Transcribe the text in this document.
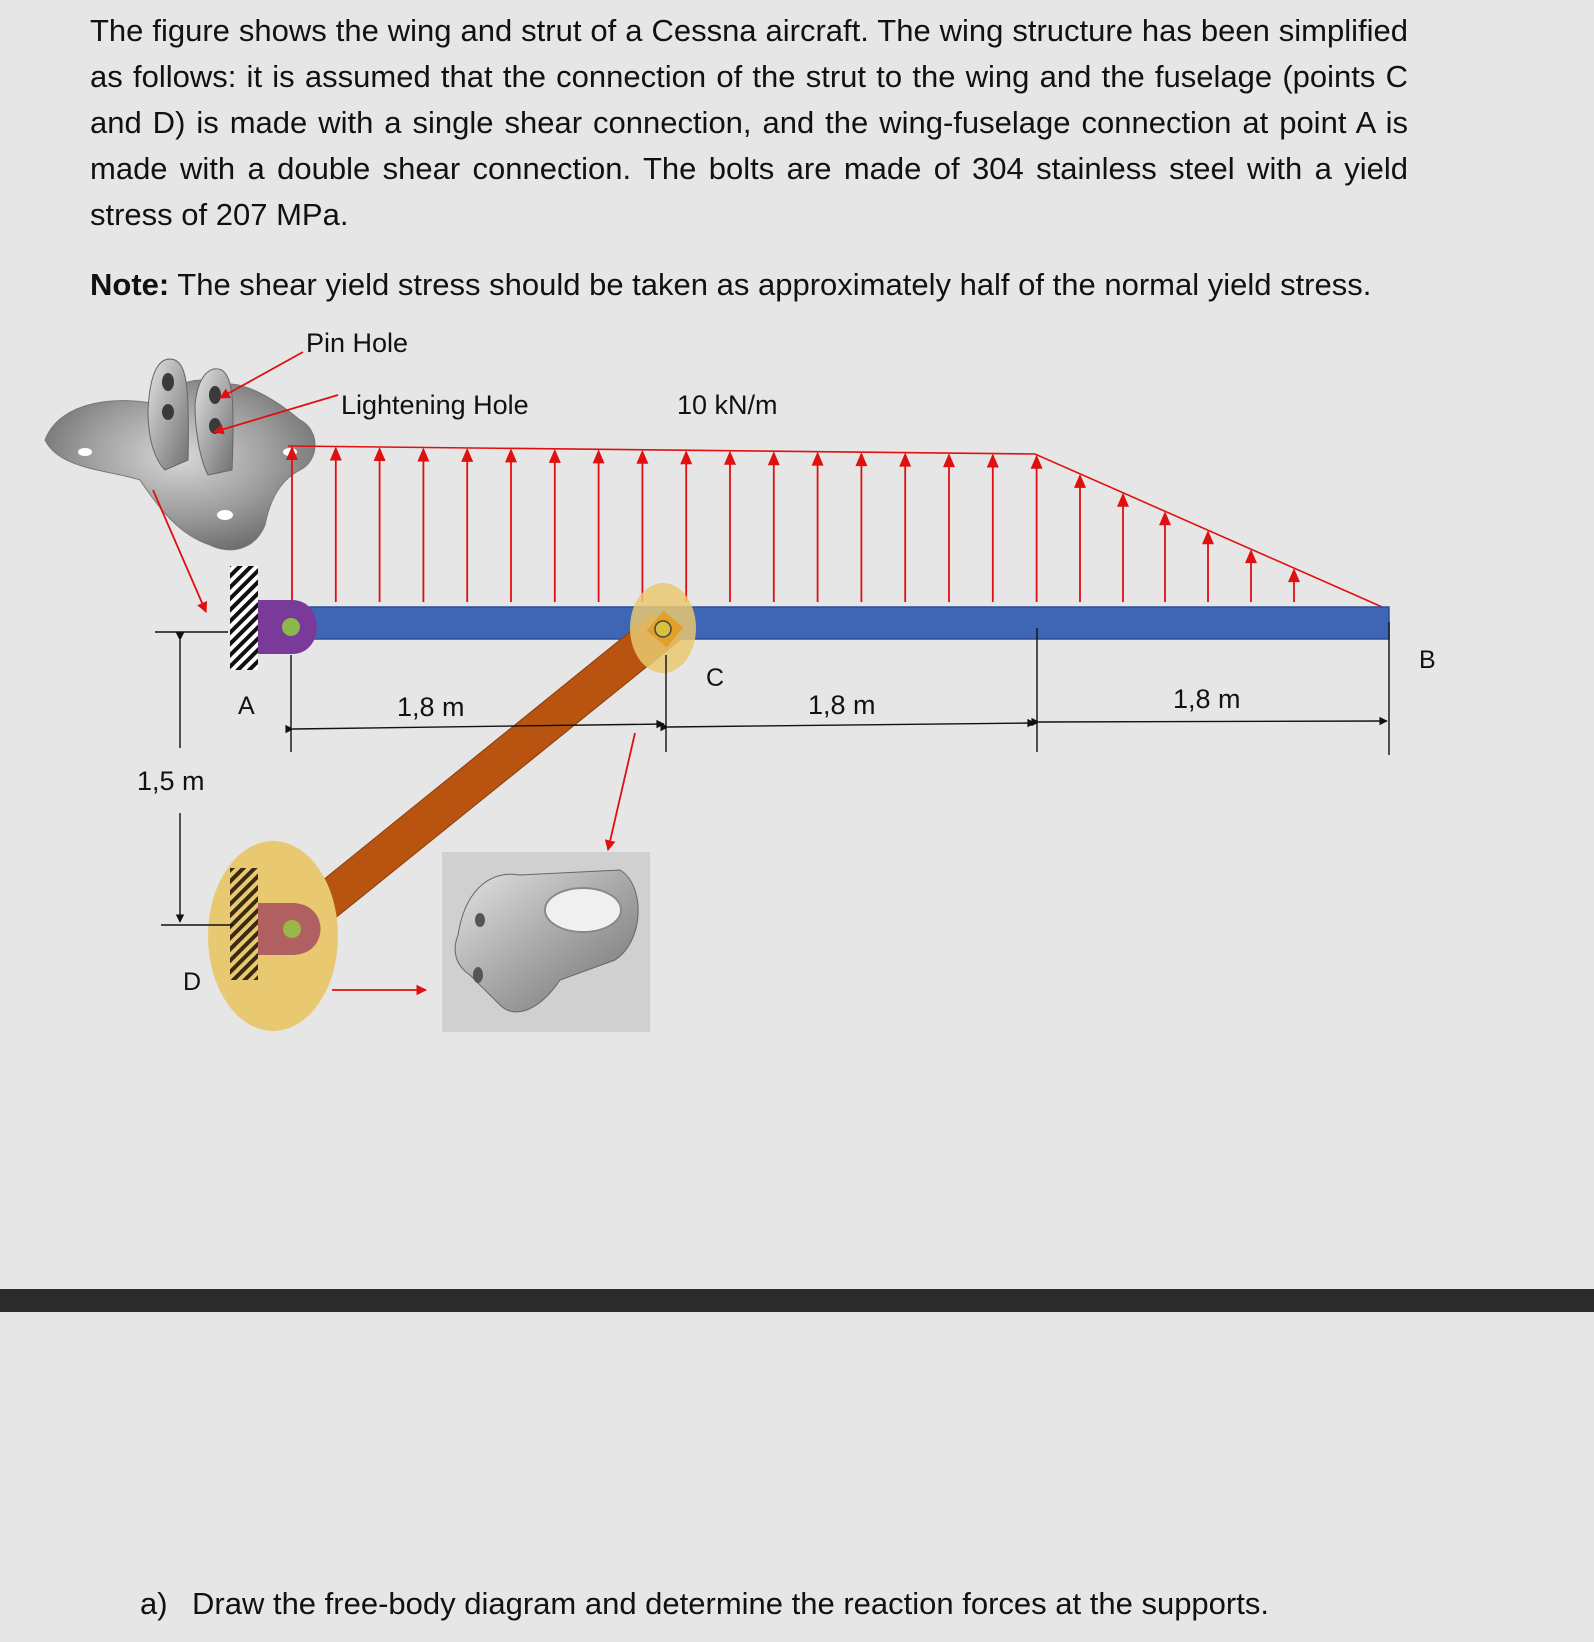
The figure shows the wing and strut of a Cessna aircraft. The wing structure has been simplified as follows: it is assumed that the connection of the strut to the wing and the fuselage (points C and D) is made with a single shear connection, and the wing-fuselage connection at point A is made with a double shear connection. The bolts are made of 304 stainless steel with a yield stress of 207 MPa.

Note: The shear yield stress should be taken as approximately half of the normal yield stress.

Pin Hole
Lightening Hole	10 kN/m
A
B
C
D
1,8 m	1,8 m	1,8 m
1,5 m
a) Draw the free-body diagram and determine the reaction forces at the supports.
